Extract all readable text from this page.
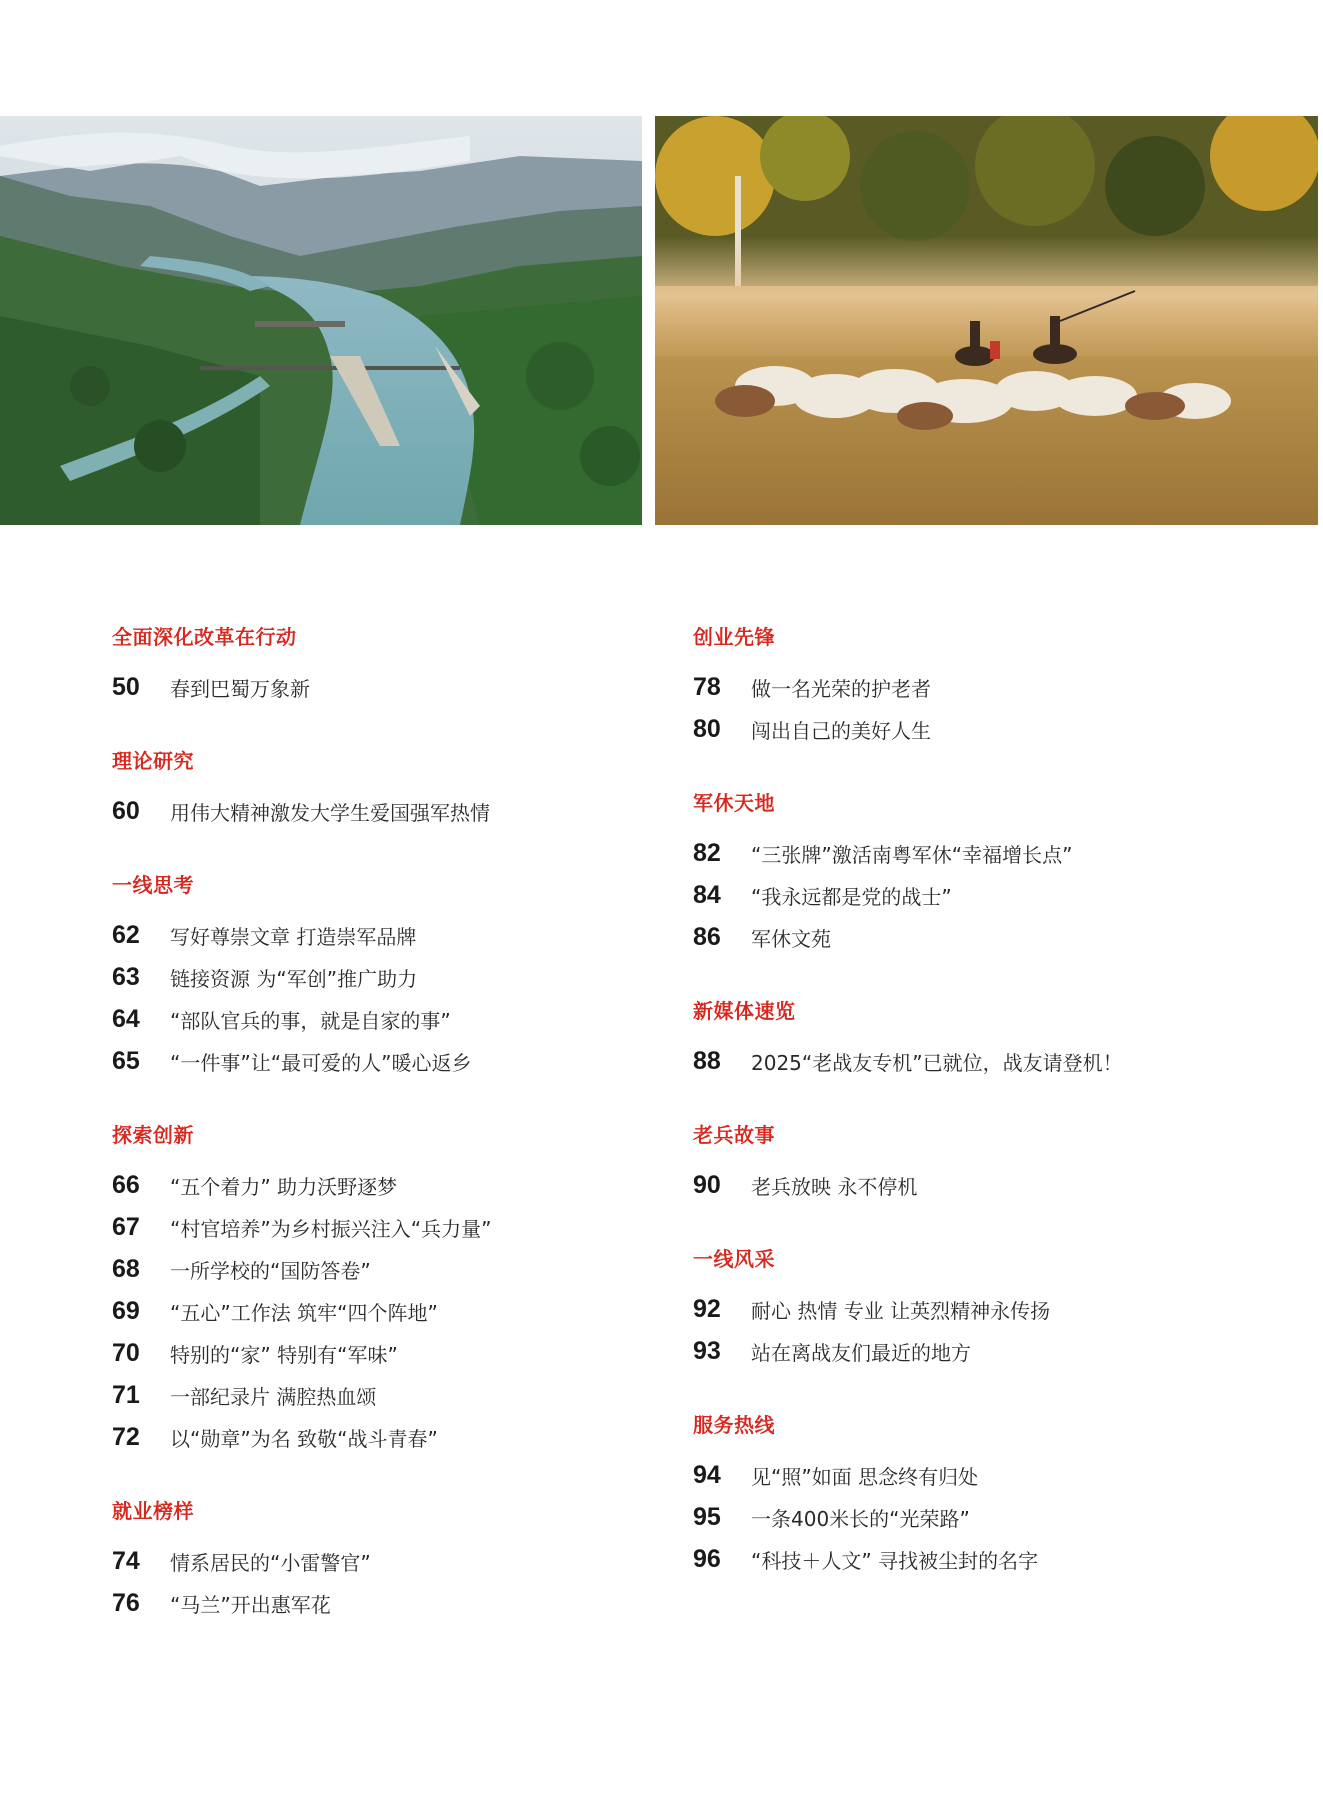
全面深化改革在行动
50	春到巴蜀万象新
理论研究
60	用伟大精神激发大学生爱国强军热情
一线思考
62	写好尊崇文章 打造崇军品牌
63	链接资源 为“军创”推广助力
64	“部队官兵的事，就是自家的事”
65	“一件事”让“最可爱的人”暖心返乡
探索创新
66	“五个着力” 助力沃野逐梦
67	“村官培养”为乡村振兴注入“兵力量”
68	一所学校的“国防答卷”
69	“五心”工作法 筑牢“四个阵地”
70	特别的“家” 特别有“军味”
71	一部纪录片 满腔热血颂
72	以“勋章”为名 致敬“战斗青春”
就业榜样
74	情系居民的“小雷警官”
76	“马兰”开出惠军花
创业先锋
78	做一名光荣的护老者
80	闯出自己的美好人生
军休天地
82	“三张牌”激活南粤军休“幸福增长点”
84	“我永远都是党的战士”
86	军休文苑
新媒体速览
88	2025“老战友专机”已就位，战友请登机！
老兵故事
90	老兵放映 永不停机
一线风采
92	耐心 热情 专业 让英烈精神永传扬
93	站在离战友们最近的地方
服务热线
94	见“照”如面 思念终有归处
95	一条400米长的“光荣路”
96	“科技＋人文” 寻找被尘封的名字
